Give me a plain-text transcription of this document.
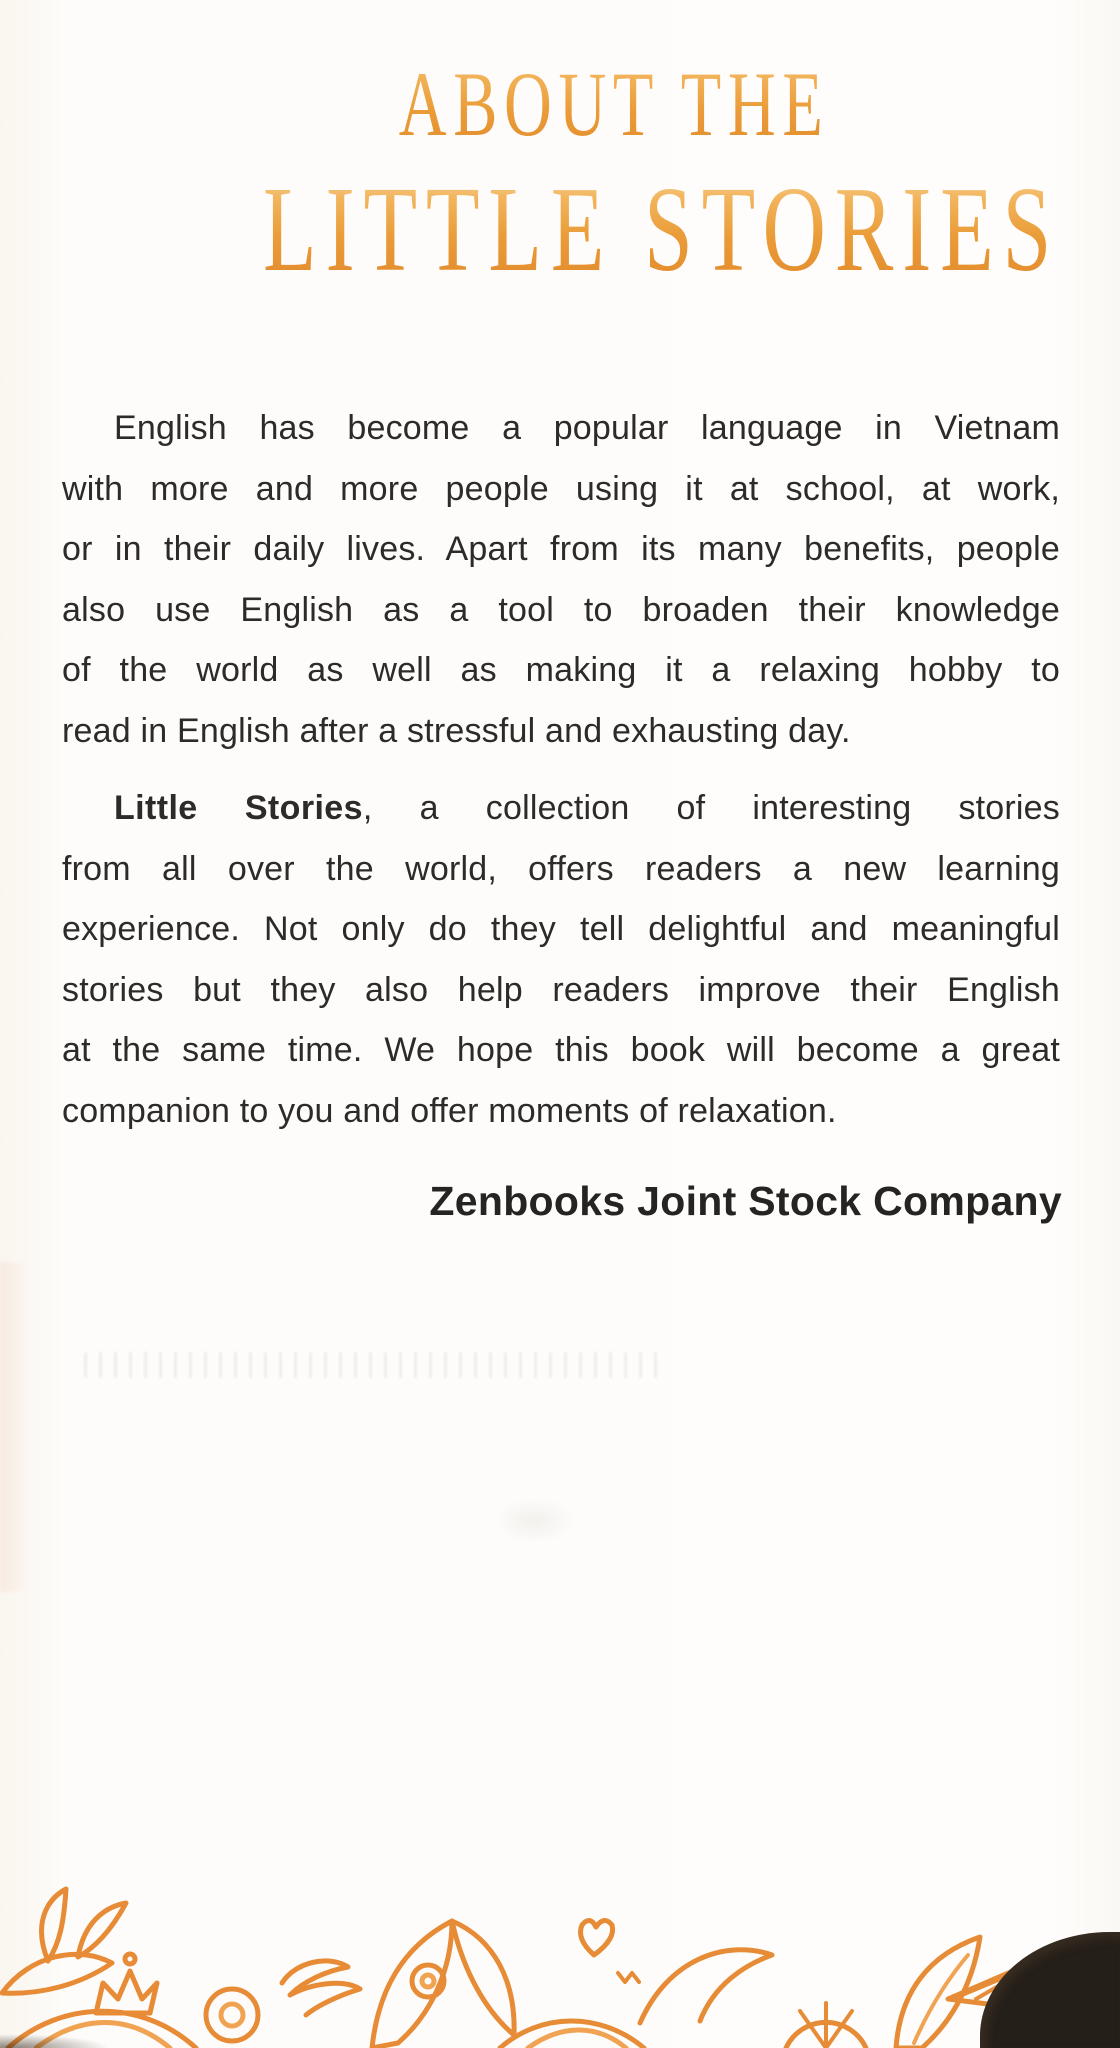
ABOUT THE
LITTLE STORIES
English has become a popular language in Vietnam
with more and more people using it at school, at work,
or in their daily lives. Apart from its many benefits, people
also use English as a tool to broaden their knowledge
of the world as well as making it a relaxing hobby to
read in English after a stressful and exhausting day.
Little Stories, a collection of interesting stories
from all over the world, offers readers a new learning
experience. Not only do they tell delightful and meaningful
stories but they also help readers improve their English
at the same time. We hope this book will become a great
companion to you and offer moments of relaxation.
Zenbooks Joint Stock Company
